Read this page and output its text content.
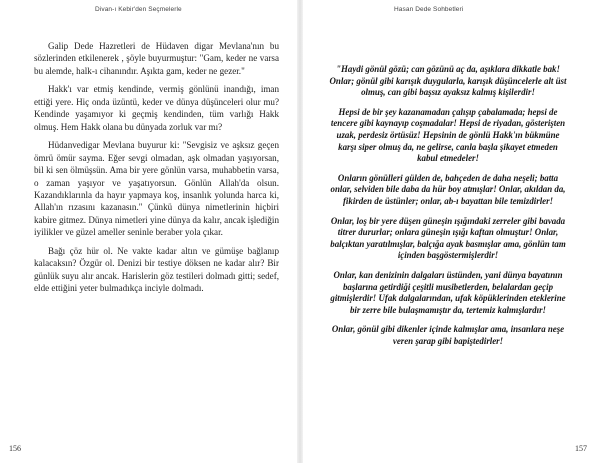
Divan-ı Kebir'den Seçmelerle

Galip Dede Hazretleri de Hüdaven digar Mevlana'nın bu sözlerinden etkilenerek , şöyle buyurmuştur: "Gam, keder ne varsa bu alemde, halk-ı cihanındır. Aşıkta gam, keder ne gezer."

Hakk'ı var etmiş kendinde, vermiş gönlünü inandığı, iman ettiği yere. Hiç onda üzüntü, keder ve dünya düşünceleri olur mu? Kendinde yaşamıyor ki geçmiş kendinden, tüm varlığı Hakk olmuş. Hem Hakk olana bu dünyada zorluk var mı?

Hüdanvedigar Mevlana buyurur ki: "Sevgisiz ve aşksız geçen ömrü ömür sayma. Eğer sevgi olmadan, aşk olmadan yaşıyorsan, bil ki sen ölmüşsün. Ama bir yere gönlün varsa, muhabbetin varsa, o zaman yaşıyor ve yaşatıyorsun. Gönlün Allah'da olsun. Kazandıklarınla da hayır yapmaya koş, insanlık yolunda harca ki, Allah'ın rızasını kazanasın." Çünkü dünya nimetlerinin hiçbiri kabire gitmez. Dünya nimetleri yine dünya da kalır, ancak işlediğin iyilikler ve güzel ameller seninle beraber yola çıkar.

Bağı çöz hür ol. Ne vakte kadar altın ve gümüşe bağlanıp kalacaksın? Özgür ol. Denizi bir testiye döksen ne kadar alır? Bir günlük suyu alır ancak. Harislerin göz testileri dolmadı gitti; sedef, elde ettiğini yeter bulmadıkça inciyle dolmadı.

156
Hasan Dede Sohbetleri

"Haydi gönül gözü; can gözünü aç da, aşıklara dikkatle bak! Onlar; gönül gibi karışık duygularla, karışık düşüncelerle alt üst olmuş, can gibi başsız ayaksız kalmış kişilerdir!

Hepsi de bir şey kazanamadan çalışıp çabalamada; hepsi de tencere gibi kaynayıp coşmadalar! Hepsi de riyadan, gösterişten uzak, perdesiz örtüsüz! Hepsinin de gönlü Hakk'ın bükmüne karşı siper olmuş da, ne gelirse, canla başla şikayet etmeden kabul etmedeler!

Onların gönülleri gülden de, bahçeden de daha neşeli; batta onlar, selviden bile daba da hür boy atmışlar! Onlar, akıldan da, fikirden de üstünler; onlar, ab-ı bayattan bile temizdirler!

Onlar, loş bir yere düşen güneşin ışığındaki zerreler gibi bavada titrer dururlar; onlara güneşin ışığı kaftan olmuştur! Onlar, balçıktan yaratılmışlar, balçığa ayak basmışlar ama, gönlün tam içinden başgöstermişlerdir!

Onlar, kan denizinin dalgaları üstünden, yani dünya bayatının başlarına getirdiği çeşitli musibetlerden, belalardan geçip gitmişlerdir! Ufak dalgalarından, ufak köpüklerinden eteklerine bir zerre bile bulaşmamıştır da, tertemiz kalmışlardır!

Onlar, gönül gibi dikenler içinde kalmışlar ama, insanlara neşe veren şarap gibi bapiştedirler!

157
